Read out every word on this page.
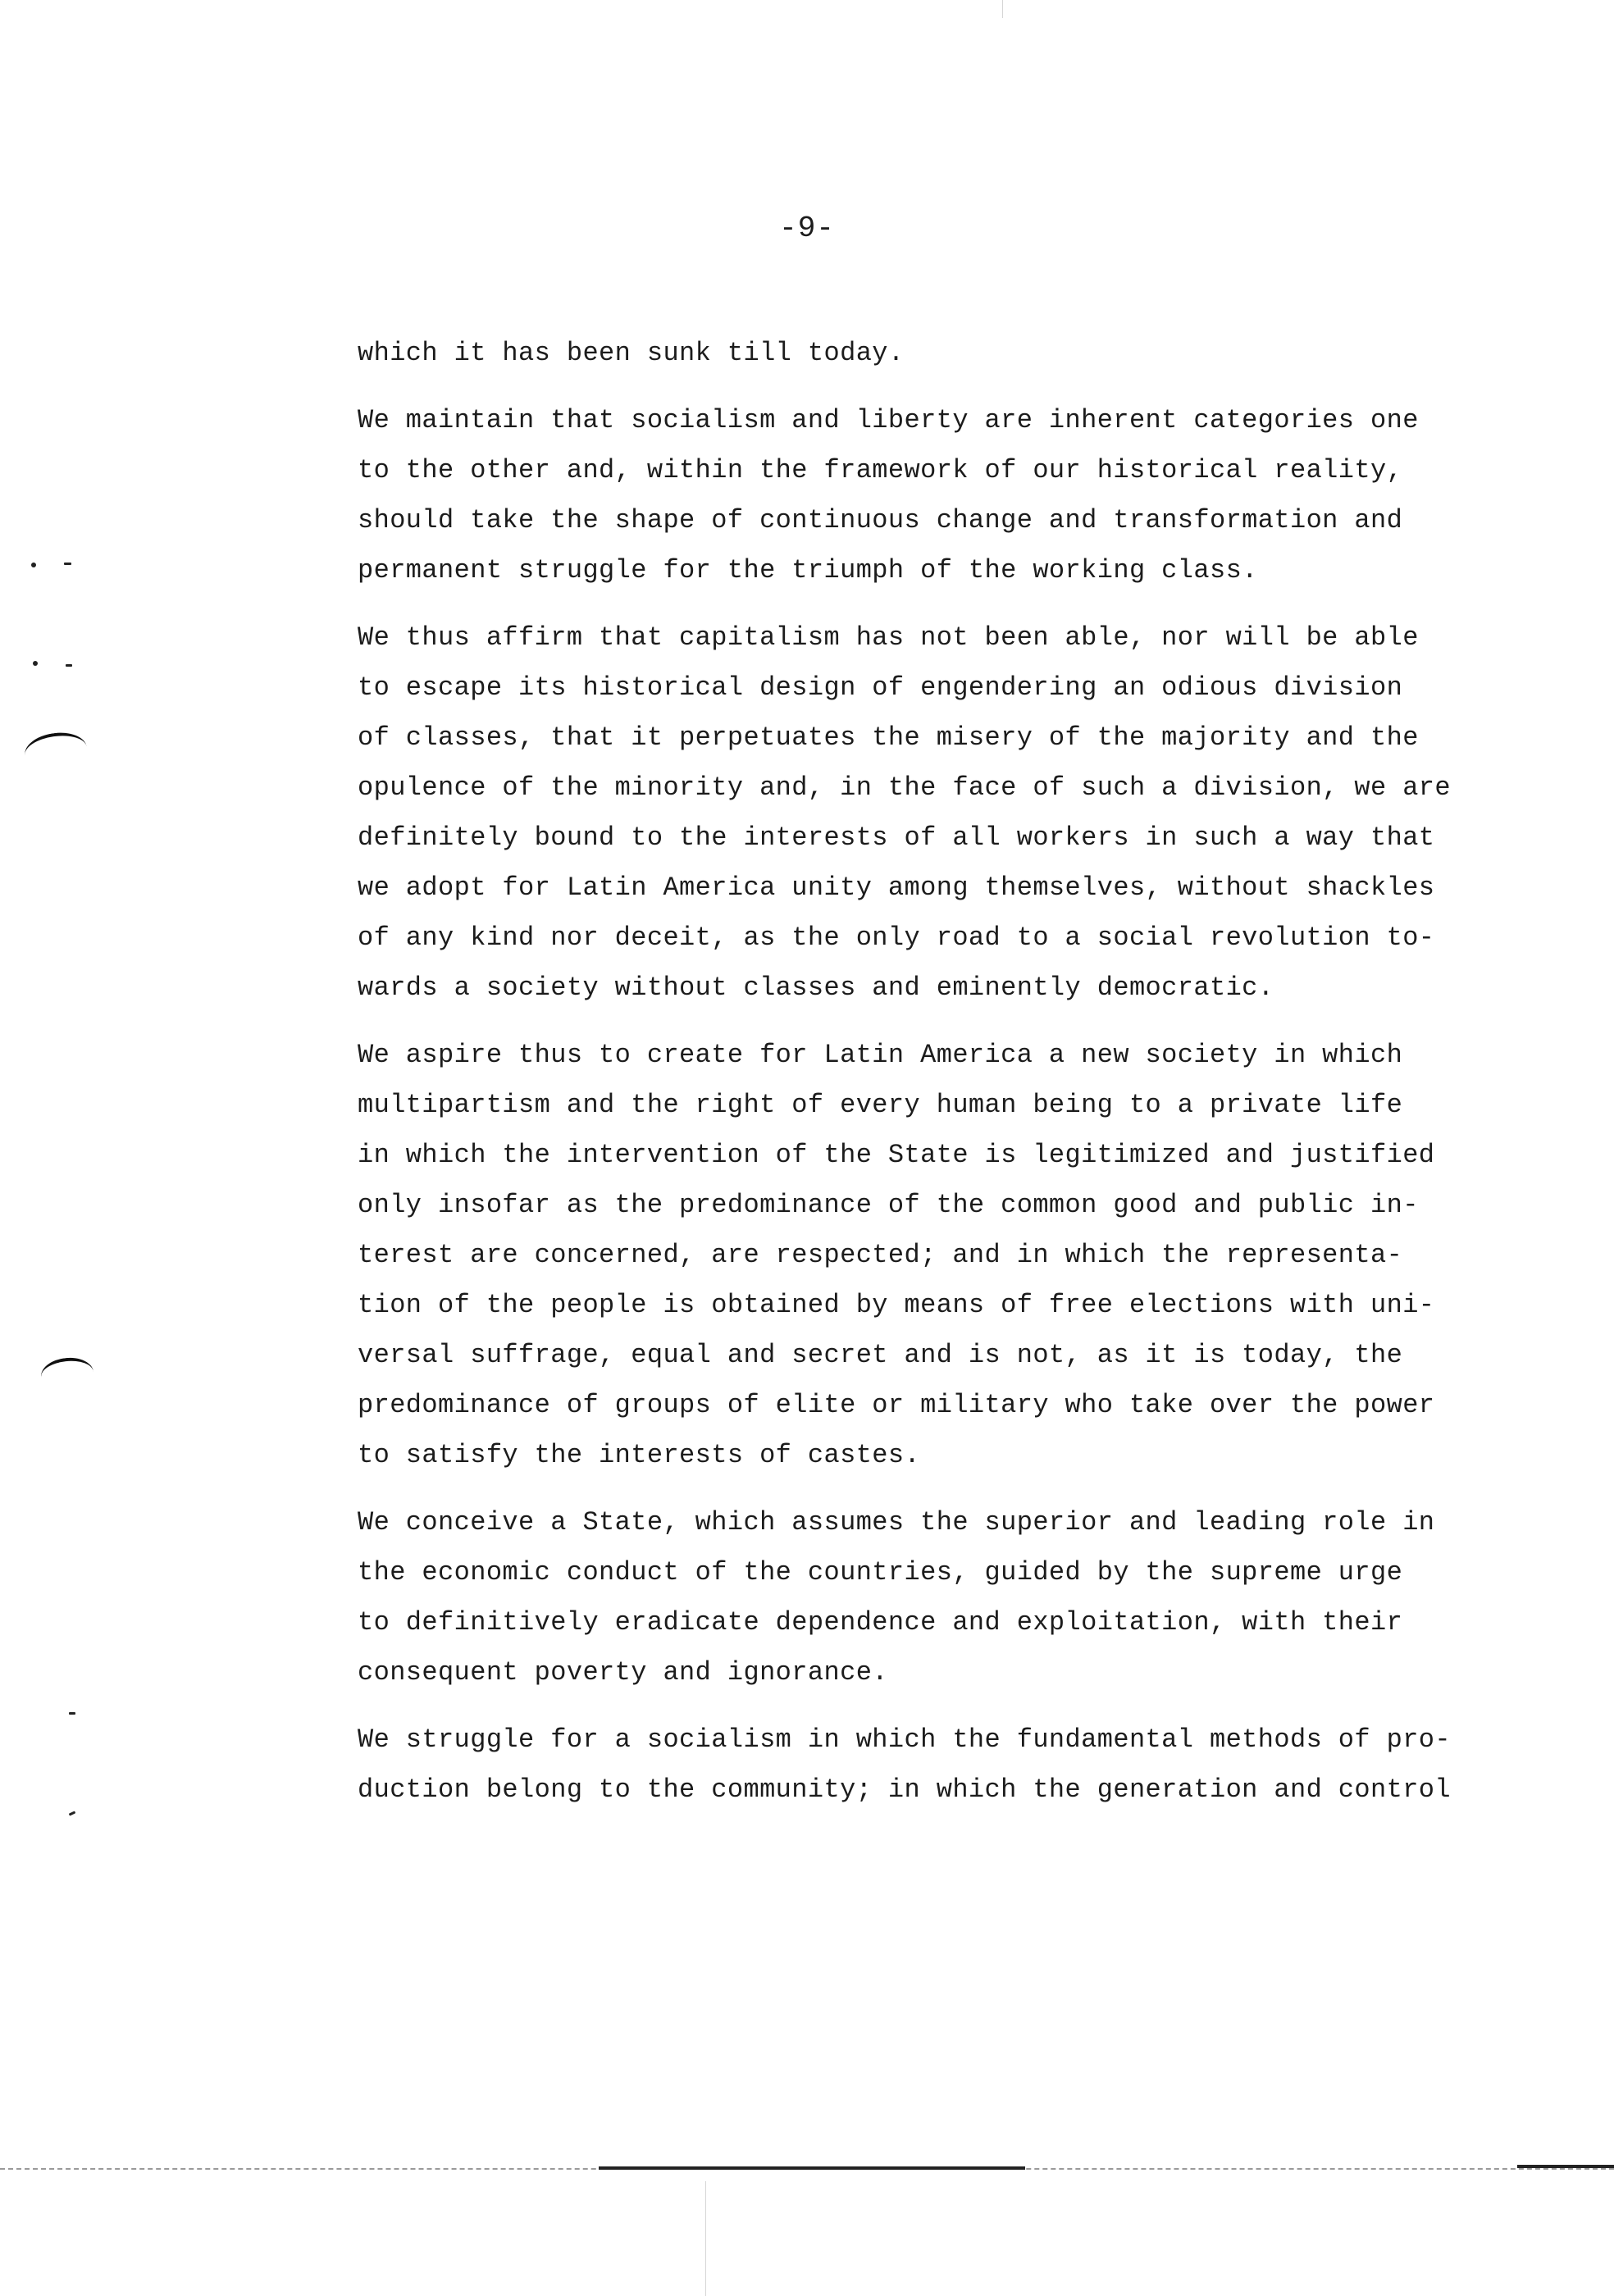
-9-
which it has been sunk till today.
We maintain that socialism and liberty are inherent categories one
to the other and, within the framework of our historical reality,
should take the shape of continuous change and transformation and
permanent struggle for the triumph of the working class.
We thus affirm that capitalism has not been able, nor will be able
to escape its historical design of engendering an odious division
of classes, that it perpetuates the misery of the majority and the
opulence of the minority and, in the face of such a division, we are
definitely bound to the interests of all workers in such a way that
we adopt for Latin America unity among themselves, without shackles
of any kind nor deceit, as the only road to a social revolution to-
wards a society without classes and eminently democratic.
We aspire thus to create for Latin America a new society in which
multipartism and the right of every human being to a private life
in which the intervention of the State is legitimized and justified
only insofar as the predominance of the common good and public in-
terest are concerned, are respected; and in which the representa-
tion of the people is obtained by means of free elections with uni-
versal suffrage, equal and secret and is not, as it is today, the
predominance of groups of elite or military who take over the power
to satisfy the interests of castes.
We conceive a State, which assumes the superior and leading role in
the economic conduct of the countries, guided by the supreme urge
to definitively eradicate dependence and exploitation, with their
consequent poverty and ignorance.
We struggle for a socialism in which the fundamental methods of pro-
duction belong to the community; in which the generation and control
